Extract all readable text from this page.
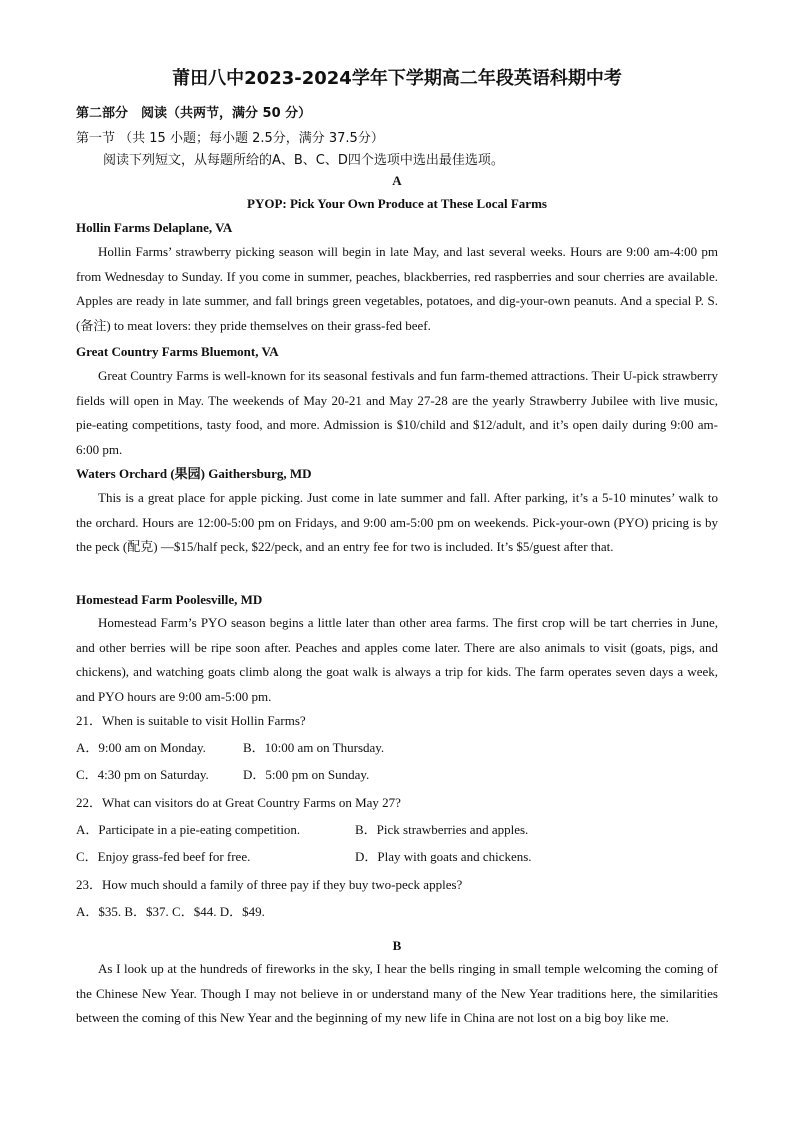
莆田八中2023-2024学年下学期高二年段英语科期中考
第二部分　阅读（共两节，满分 50 分）
第一节 （共 15 小题；每小题 2.5分，满分 37.5分）
阅读下列短文，从每题所给的A、B、C、D四个选项中选出最佳选项。
A
PYOP: Pick Your Own Produce at These Local Farms
Hollin Farms Delaplane, VA
Hollin Farms’ strawberry picking season will begin in late May, and last several weeks. Hours are 9:00 am-4:00 pm from Wednesday to Sunday. If you come in summer, peaches, blackberries, red raspberries and sour cherries are available. Apples are ready in late summer, and fall brings green vegetables, potatoes, and dig-your-own peanuts. And a special P. S.(备注) to meat lovers: they pride themselves on their grass-fed beef.
Great Country Farms Bluemont, VA
Great Country Farms is well-known for its seasonal festivals and fun farm-themed attractions. Their U-pick strawberry fields will open in May. The weekends of May 20-21 and May 27-28 are the yearly Strawberry Jubilee with live music, pie-eating competitions, tasty food, and more. Admission is $10/child and $12/adult, and it’s open daily during 9:00 am-6:00 pm.
Waters Orchard (果园) Gaithersburg, MD
This is a great place for apple picking. Just come in late summer and fall. After parking, it’s a 5-10 minutes’ walk to the orchard. Hours are 12:00-5:00 pm on Fridays, and 9:00 am-5:00 pm on weekends. Pick-your-own (PYO) pricing is by the peck (配克) —$15/half peck, $22/peck, and an entry fee for two is included. It’s $5/guest after that.
Homestead Farm Poolesville, MD
Homestead Farm’s PYO season begins a little later than other area farms. The first crop will be tart cherries in June, and other berries will be ripe soon after. Peaches and apples come later. There are also animals to visit (goats, pigs, and chickens), and watching goats climb along the goat walk is always a trip for kids. The farm operates seven days a week, and PYO hours are 9:00 am-5:00 pm.
21．When is suitable to visit Hollin Farms?
A．9:00 am on Monday.	B．10:00 am on Thursday.
C．4:30 pm on Saturday.	D．5:00 pm on Sunday.
22．What can visitors do at Great Country Farms on May 27?
A．Participate in a pie-eating competition.	B．Pick strawberries and apples.
C．Enjoy grass-fed beef for free.	D．Play with goats and chickens.
23．How much should a family of three pay if they buy two-peck apples?
A．$35. B．$37. C．$44. D．$49.
B
As I look up at the hundreds of fireworks in the sky, I hear the bells ringing in small temple welcoming the coming of the Chinese New Year. Though I may not believe in or understand many of the New Year traditions here, the similarities between the coming of this New Year and the beginning of my new life in China are not lost on a big boy like me.
